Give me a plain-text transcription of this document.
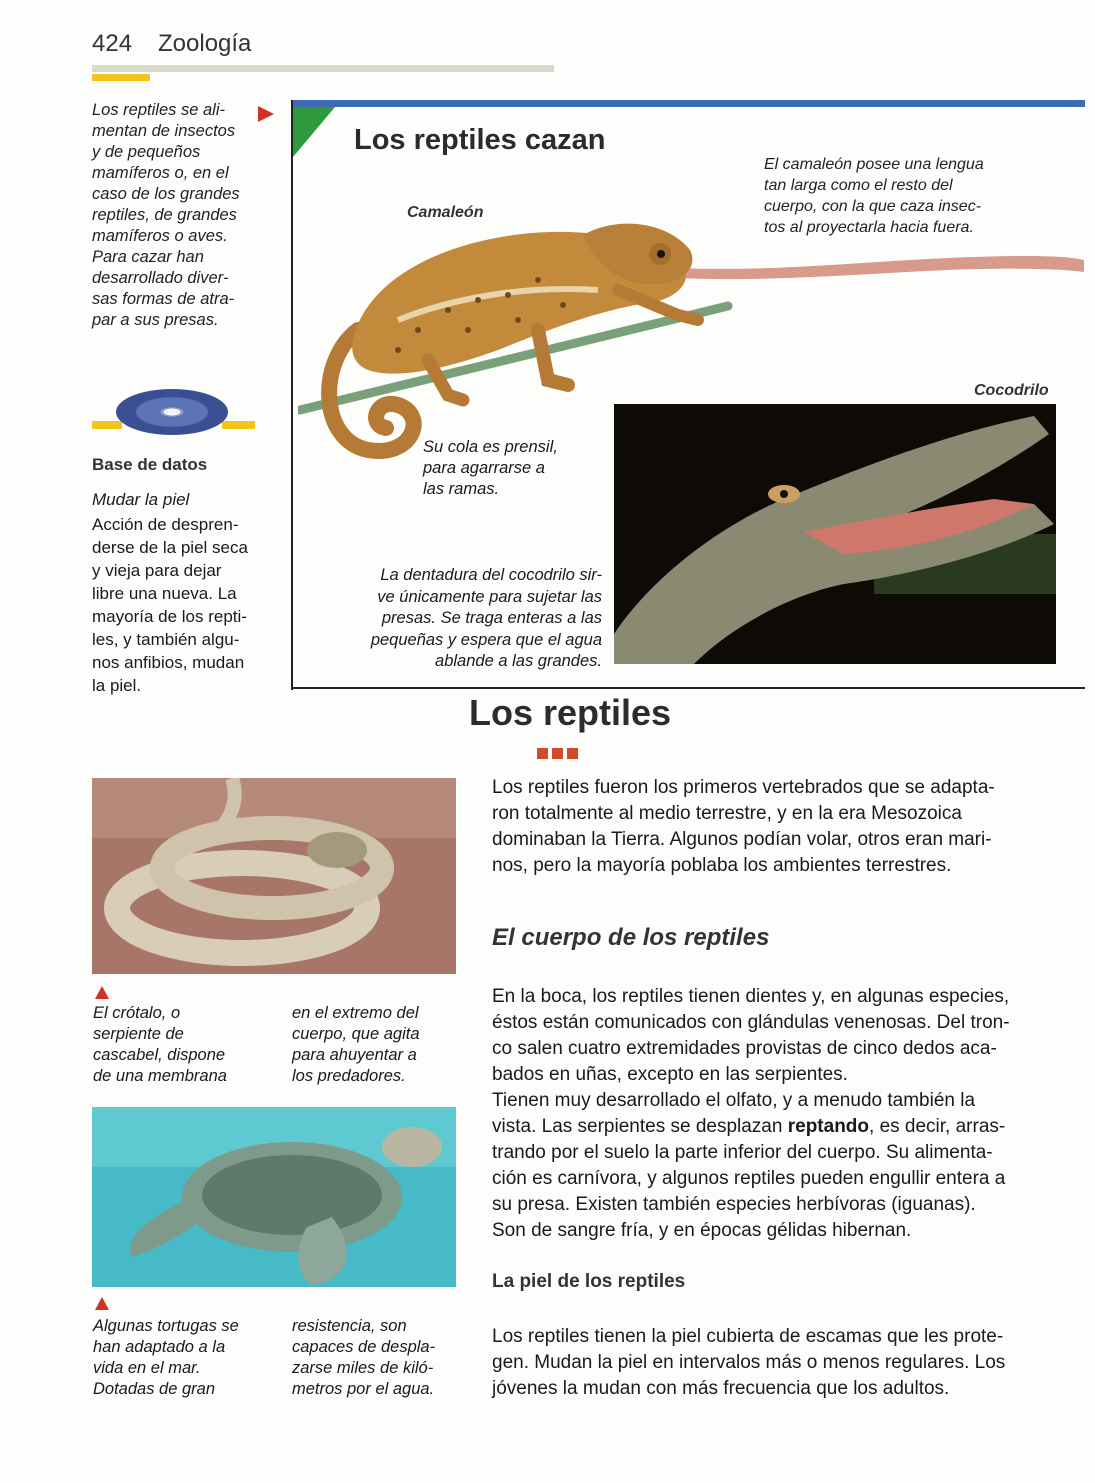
424 Zoología
Los reptiles se ali-
mentan de insectos
y de pequeños
mamíferos o, en el
caso de los grandes
reptiles, de grandes
mamíferos o aves.
Para cazar han
desarrollado diver-
sas formas de atra-
par a sus presas.
Base de datos
Mudar la piel
Acción de despren-
derse de la piel seca
y vieja para dejar
libre una nueva. La
mayoría de los repti-
les, y también algu-
nos anfibios, mudan
la piel.
Los reptiles cazan
Camaleón
El camaleón posee una lengua
tan larga como el resto del
cuerpo, con la que caza insec-
tos al proyectarla hacia fuera.
Su cola es prensil,
para agarrarse a
las ramas.
Cocodrilo
La dentadura del cocodrilo sir-
ve únicamente para sujetar las
presas. Se traga enteras a las
pequeñas y espera que el agua
ablande a las grandes.
Los reptiles
El crótalo, o
serpiente de
cascabel, dispone
de una membrana
en el extremo del
cuerpo, que agita
para ahuyentar a
los predadores.
Algunas tortugas se
han adaptado a la
vida en el mar.
Dotadas de gran
resistencia, son
capaces de despla-
zarse miles de kiló-
metros por el agua.
Los reptiles fueron los primeros vertebrados que se adapta-
ron totalmente al medio terrestre, y en la era Mesozoica
dominaban la Tierra. Algunos podían volar, otros eran mari-
nos, pero la mayoría poblaba los ambientes terrestres.
El cuerpo de los reptiles
En la boca, los reptiles tienen dientes y, en algunas especies,
éstos están comunicados con glándulas venenosas. Del tron-
co salen cuatro extremidades provistas de cinco dedos aca-
bados en uñas, excepto en las serpientes.
Tienen muy desarrollado el olfato, y a menudo también la
vista. Las serpientes se desplazan reptando, es decir, arras-
trando por el suelo la parte inferior del cuerpo. Su alimenta-
ción es carnívora, y algunos reptiles pueden engullir entera a
su presa. Existen también especies herbívoras (iguanas).
Son de sangre fría, y en épocas gélidas hibernan.
La piel de los reptiles
Los reptiles tienen la piel cubierta de escamas que les prote-
gen. Mudan la piel en intervalos más o menos regulares. Los
jóvenes la mudan con más frecuencia que los adultos.
